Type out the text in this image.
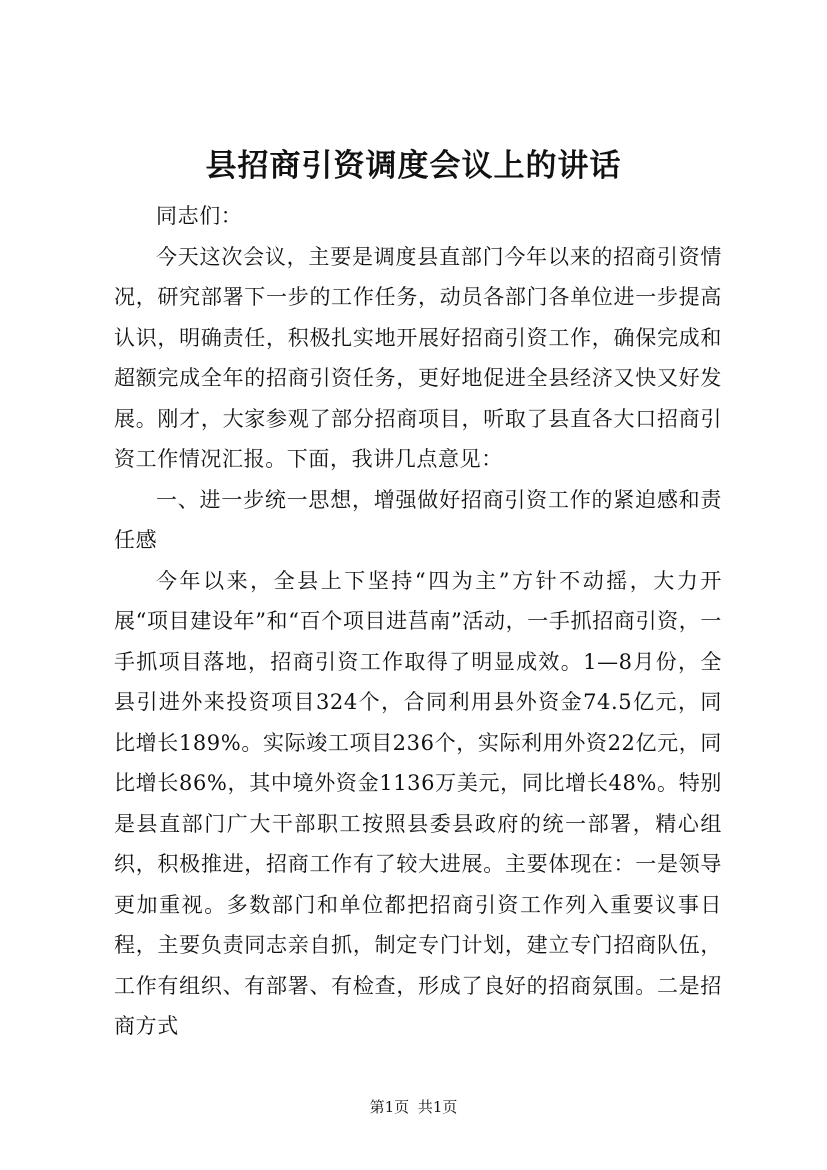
县招商引资调度会议上的讲话

同志们：

今天这次会议，主要是调度县直部门今年以来的招商引资情况，研究部署下一步的工作任务，动员各部门各单位进一步提高认识，明确责任，积极扎实地开展好招商引资工作，确保完成和超额完成全年的招商引资任务，更好地促进全县经济又快又好发展。刚才，大家参观了部分招商项目，听取了县直各大口招商引资工作情况汇报。下面，我讲几点意见：

一、进一步统一思想，增强做好招商引资工作的紧迫感和责任感

今年以来，全县上下坚持“四为主”方针不动摇，大力开展“项目建设年”和“百个项目进莒南”活动，一手抓招商引资，一手抓项目落地，招商引资工作取得了明显成效。1—8月份，全县引进外来投资项目324个，合同利用县外资金74.5亿元，同比增长189%。实际竣工项目236个，实际利用外资22亿元，同比增长86%，其中境外资金1136万美元，同比增长48%。特别是县直部门广大干部职工按照县委县政府的统一部署，精心组织，积极推进，招商工作有了较大进展。主要体现在：一是领导更加重视。多数部门和单位都把招商引资工作列入重要议事日程，主要负责同志亲自抓，制定专门计划，建立专门招商队伍，工作有组织、有部署、有检查，形成了良好的招商氛围。二是招商方式

第1页 共1页
